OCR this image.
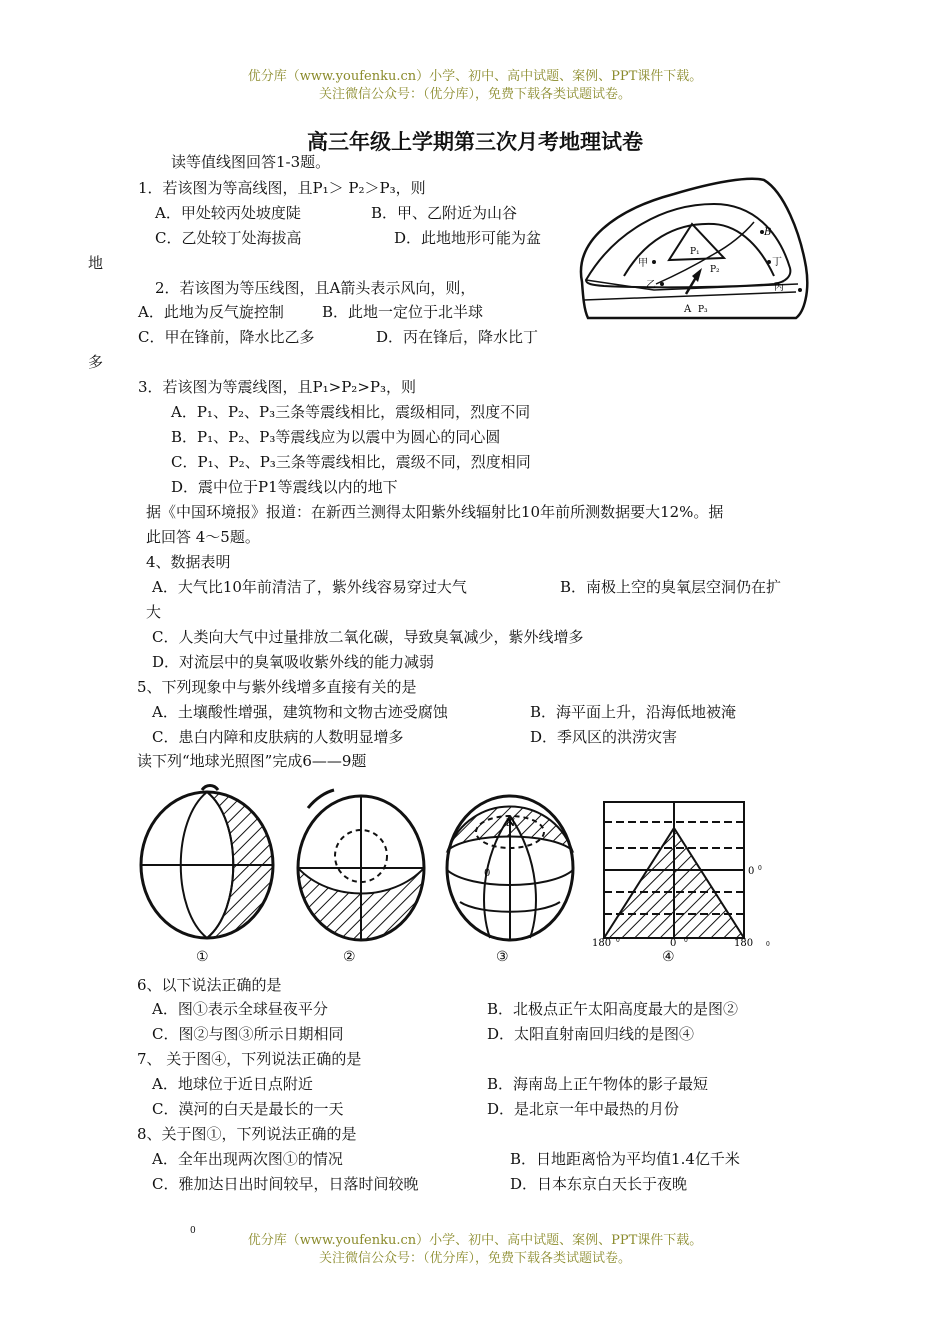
优分库（www.youfenku.cn）小学、初中、高中试题、案例、PPT课件下载。
关注微信公众号：（优分库），免费下载各类试题试卷。
高三年级上学期第三次月考地理试卷
读等值线图回答1-3题。
1．若该图为等高线图，且P₁＞ P₂＞P₃，则
A．甲处较丙处坡度陡	B．甲、乙附近为山谷
C．乙处较丁处海拔高	D．此地地形可能为盆
地
2．若该图为等压线图，且A箭头表示风向，则，
A．此地为反气旋控制	B．此地一定位于北半球
C．甲在锋前，降水比乙多	D．丙在锋后，降水比丁
多
3．若该图为等震线图，且P₁>P₂>P₃，则
A．P₁、P₂、P₃三条等震线相比，震级相同，烈度不同
B．P₁、P₂、P₃等震线应为以震中为圆心的同心圆
C．P₁、P₂、P₃三条等震线相比，震级不同，烈度相同
D．震中位于P1等震线以内的地下
B
甲
乙	丙
丁
P₁
P₂
P₃
A
据《中国环境报》报道：在新西兰测得太阳紫外线辐射比10年前所测数据要大12%。据
此回答 4～5题。
4、数据表明
A．大气比10年前清洁了，紫外线容易穿过大气	B．南极上空的臭氧层空洞仍在扩
大
C．人类向大气中过量排放二氧化碳，导致臭氧减少，紫外线增多
D．对流层中的臭氧吸收紫外线的能力减弱
5、下列现象中与紫外线增多直接有关的是
A．土壤酸性增强，建筑物和文物古迹受腐蚀	B．海平面上升，沿海低地被淹
C．患白内障和皮肤病的人数明显增多	D．季风区的洪涝灾害
读下列“地球光照图”完成6——9题
N
0	0 0
180 0	0 0	180 0
①	②	③	④
6、以下说法正确的是
A．图①表示全球昼夜平分	B．北极点正午太阳高度最大的是图②
C．图②与图③所示日期相同	D．太阳直射南回归线的是图④
7、 关于图④，下列说法正确的是
A．地球位于近日点附近	B．海南岛上正午物体的影子最短
C．漠河的白天是最长的一天	D．是北京一年中最热的月份
8、关于图①，下列说法正确的是
A．全年出现两次图①的情况	B．日地距离恰为平均值1.4亿千米
C．雅加达日出时间较早，日落时间较晚	D．日本东京白天长于夜晚
0
优分库（www.youfenku.cn）小学、初中、高中试题、案例、PPT课件下载。
关注微信公众号：（优分库），免费下载各类试题试卷。
